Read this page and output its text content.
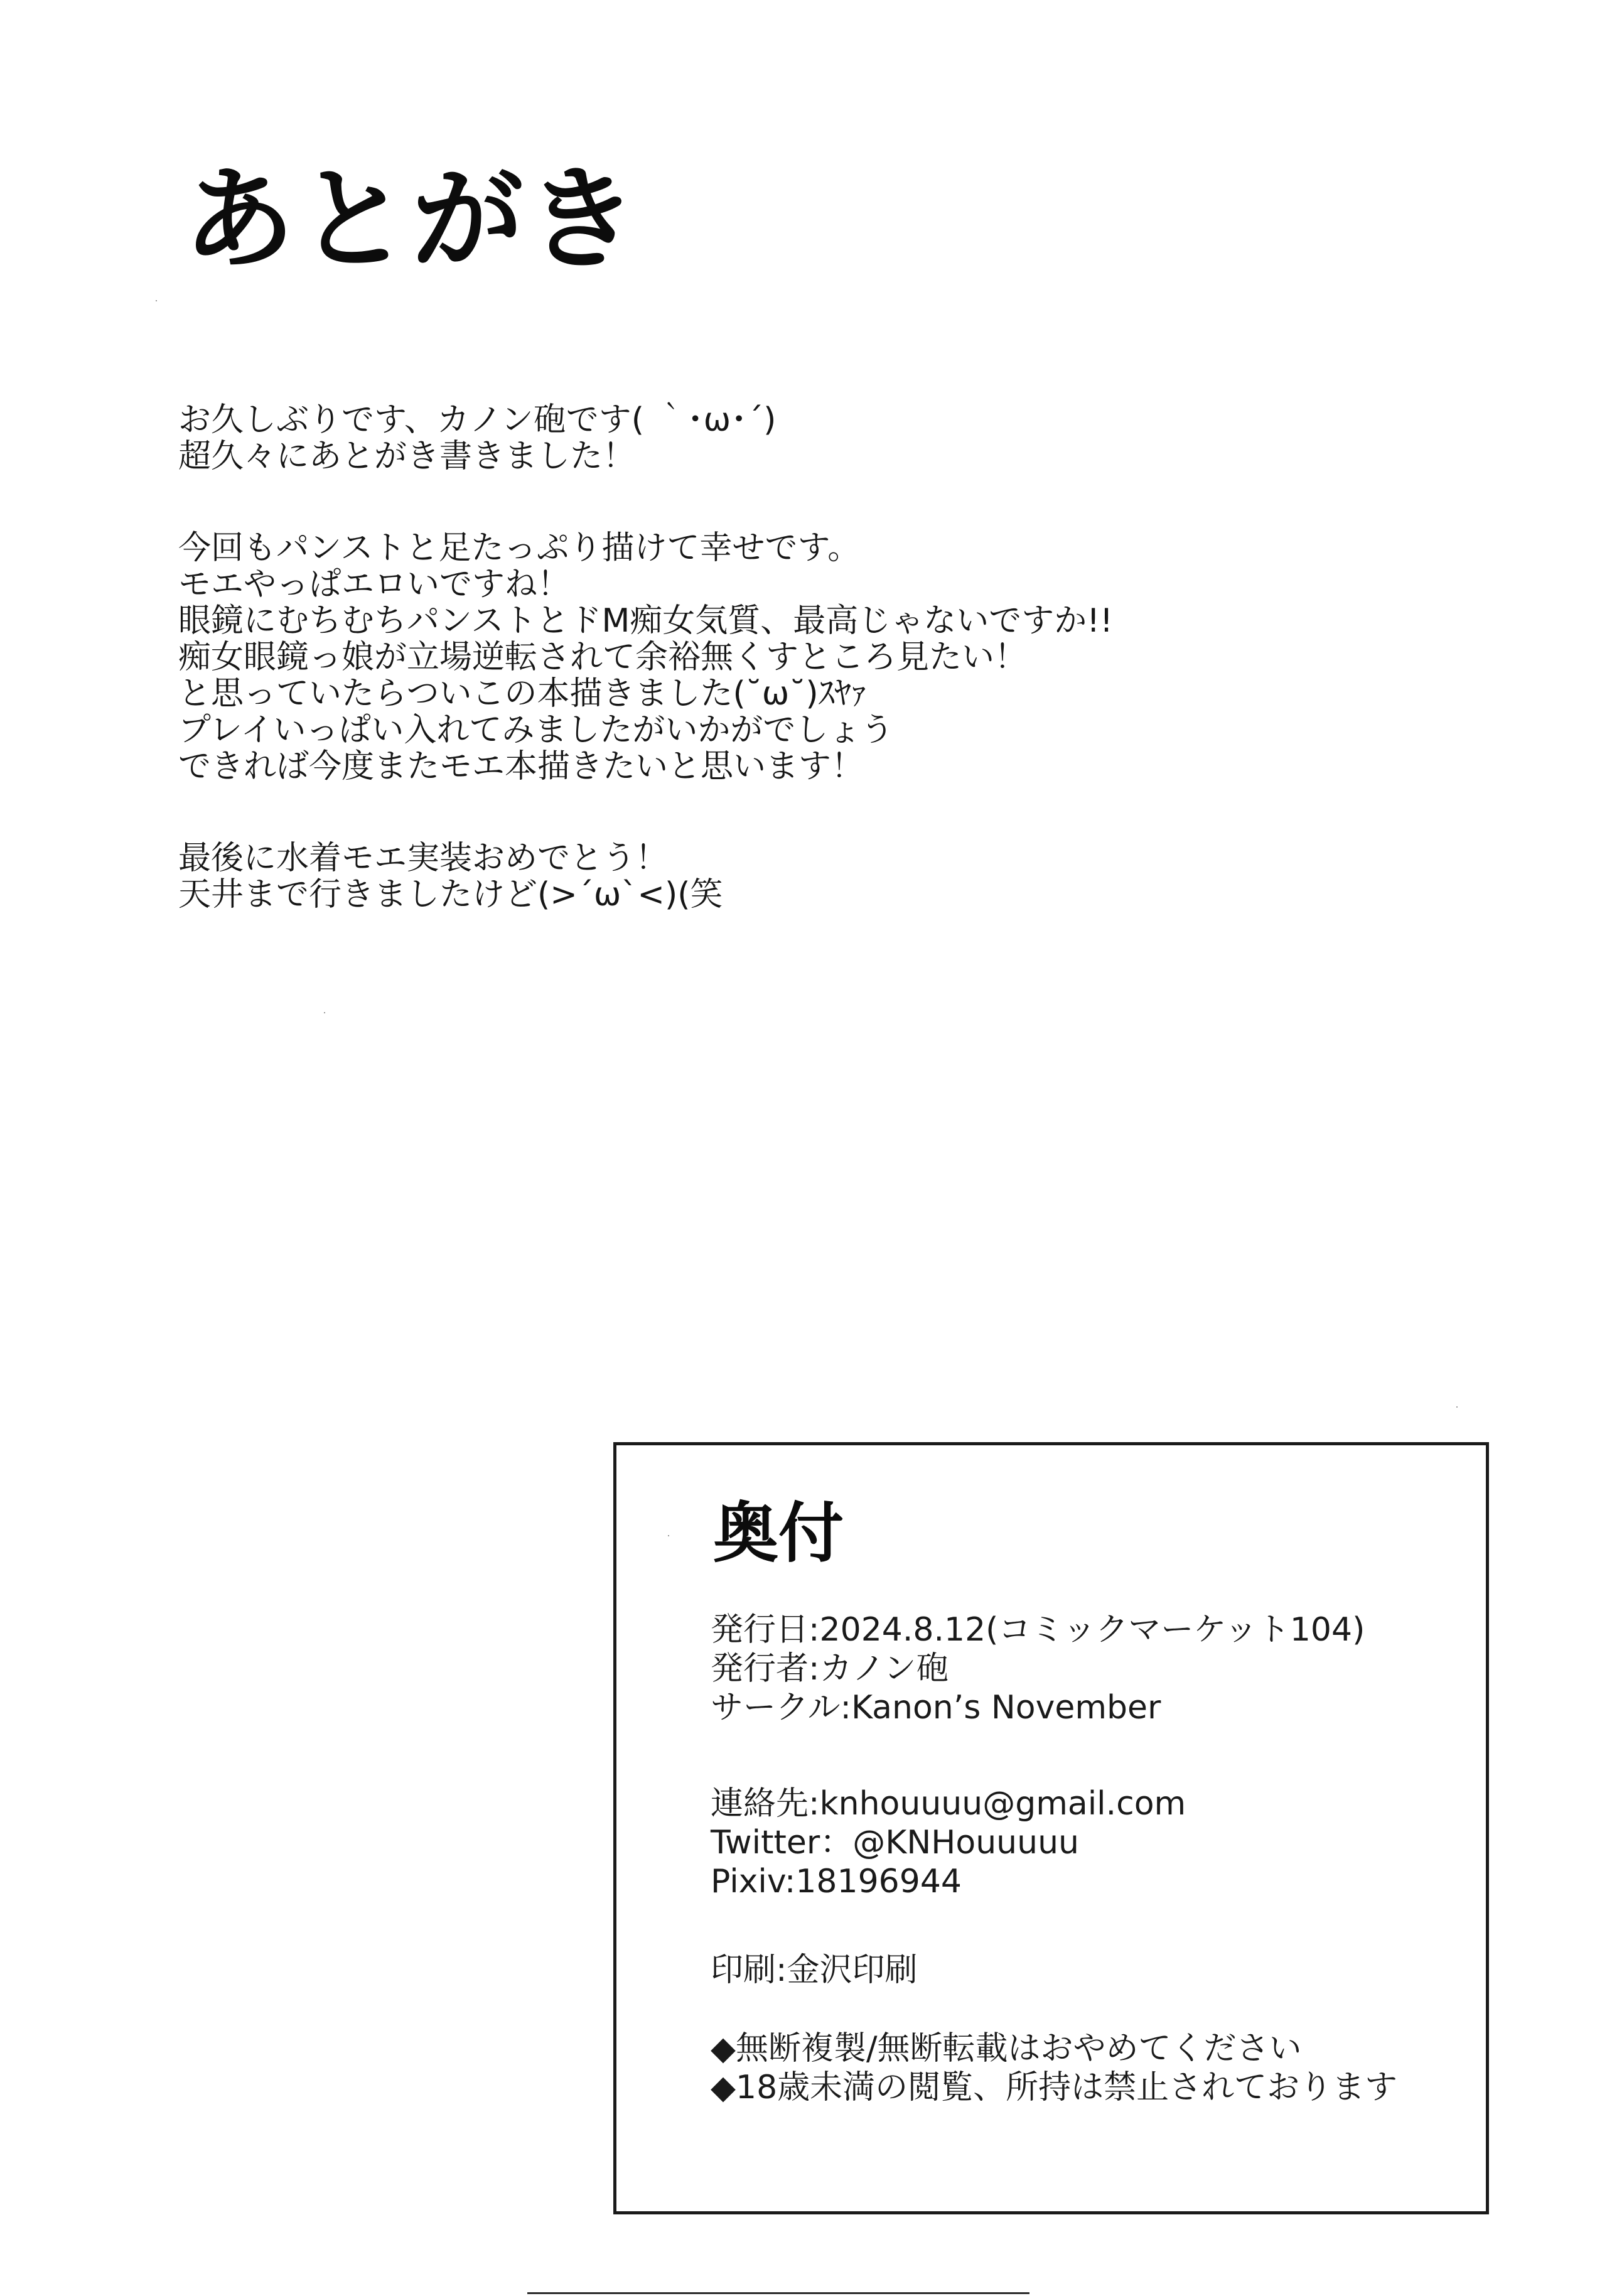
あとがき
お久しぶりです、カノン砲です( ｀･ω･´)
超久々にあとがき書きました！
今回もパンストと足たっぷり描けて幸せです。
モエやっぱエロいですね！
眼鏡にむちむちパンストとドM痴女気質、最高じゃないですか!!
痴女眼鏡っ娘が立場逆転されて余裕無くすところ見たい！
と思っていたらついこの本描きました(˘ω˘)ｽﾔｧ
プレイいっぱい入れてみましたがいかがでしょう
できれば今度またモエ本描きたいと思います！
最後に水着モエ実装おめでとう！
天井まで行きましたけど(>´ω`<)(笑
奥付
発行日:2024.8.12(コミックマーケット104)
発行者:カノン砲
サークル:Kanon’s November
連絡先:knhouuuu@gmail.com
Twitter：@KNHouuuuu
Pixiv:18196944
印刷:金沢印刷
◆無断複製/無断転載はおやめてください
◆18歳未満の閲覧、所持は禁止されております
